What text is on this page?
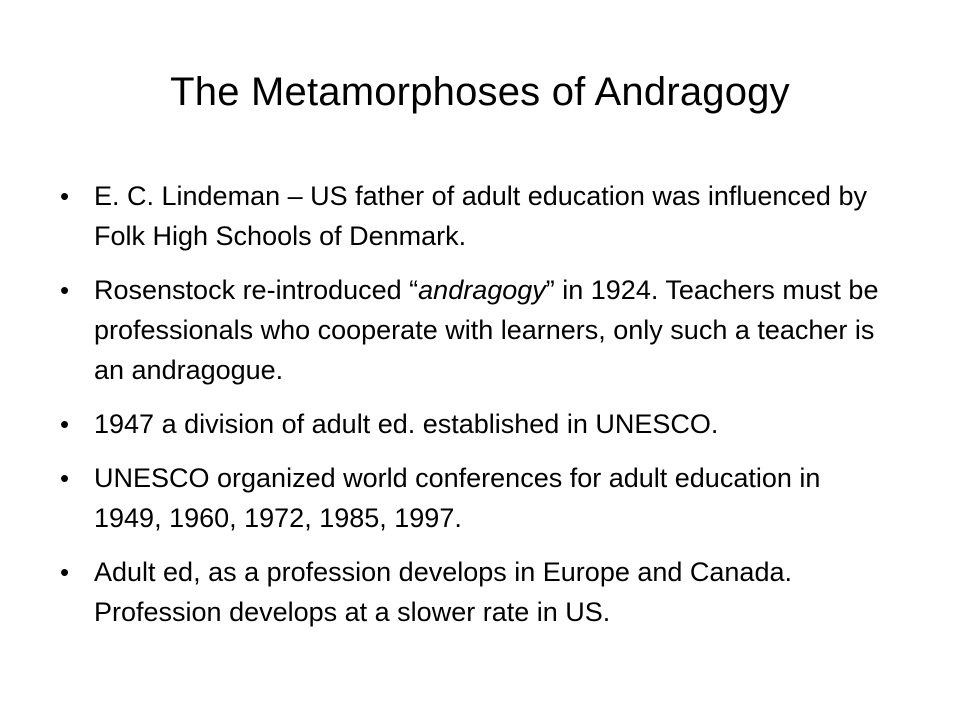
The Metamorphoses of Andragogy
• E. C. Lindeman – US father of adult education was influenced by Folk High Schools of Denmark.
• Rosenstock re-introduced “andragogy” in 1924. Teachers must be professionals who cooperate with learners, only such a teacher is an andragogue.
• 1947 a division of adult ed. established in UNESCO.
• UNESCO organized world conferences for adult education in 1949, 1960, 1972, 1985, 1997.
• Adult ed, as a profession develops in Europe and Canada. Profession develops at a slower rate in US.
